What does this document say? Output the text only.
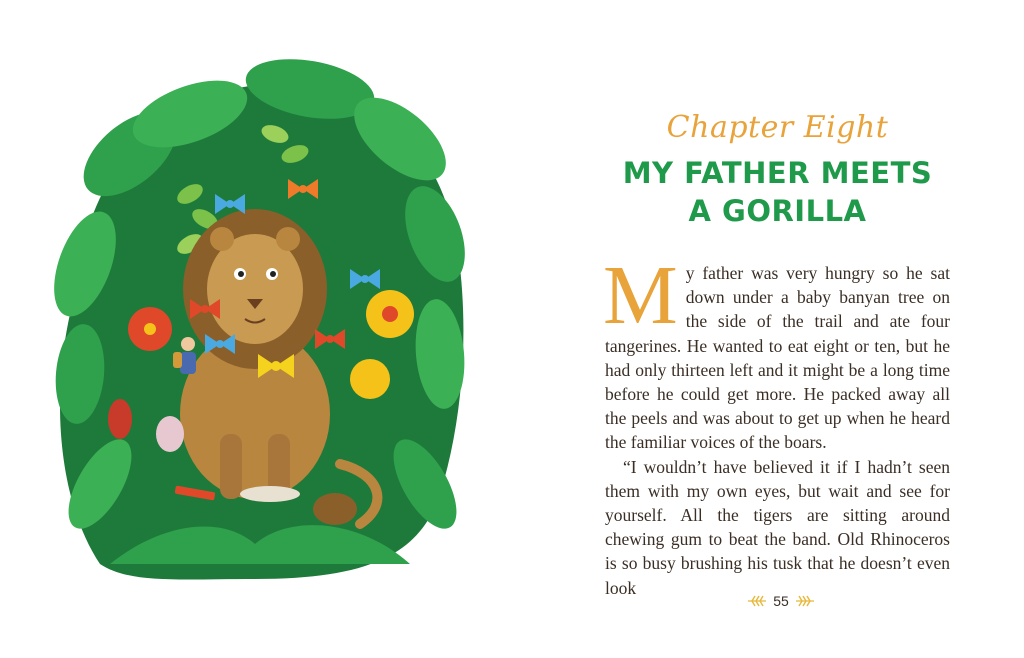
Chapter Eight

MY FATHER MEETS
A GORILLA

My father was very hungry so he sat down under a baby banyan tree on the side of the trail and ate four tangerines. He wanted to eat eight or ten, but he had only thirteen left and it might be a long time before he could get more. He packed away all the peels and was about to get up when he heard the familiar voices of the boars.

“I wouldn’t have believed it if I hadn’t seen them with my own eyes, but wait and see for yourself. All the tigers are sitting around chewing gum to beat the band. Old Rhinoceros is so busy brushing his tusk that he doesn’t even look

55
